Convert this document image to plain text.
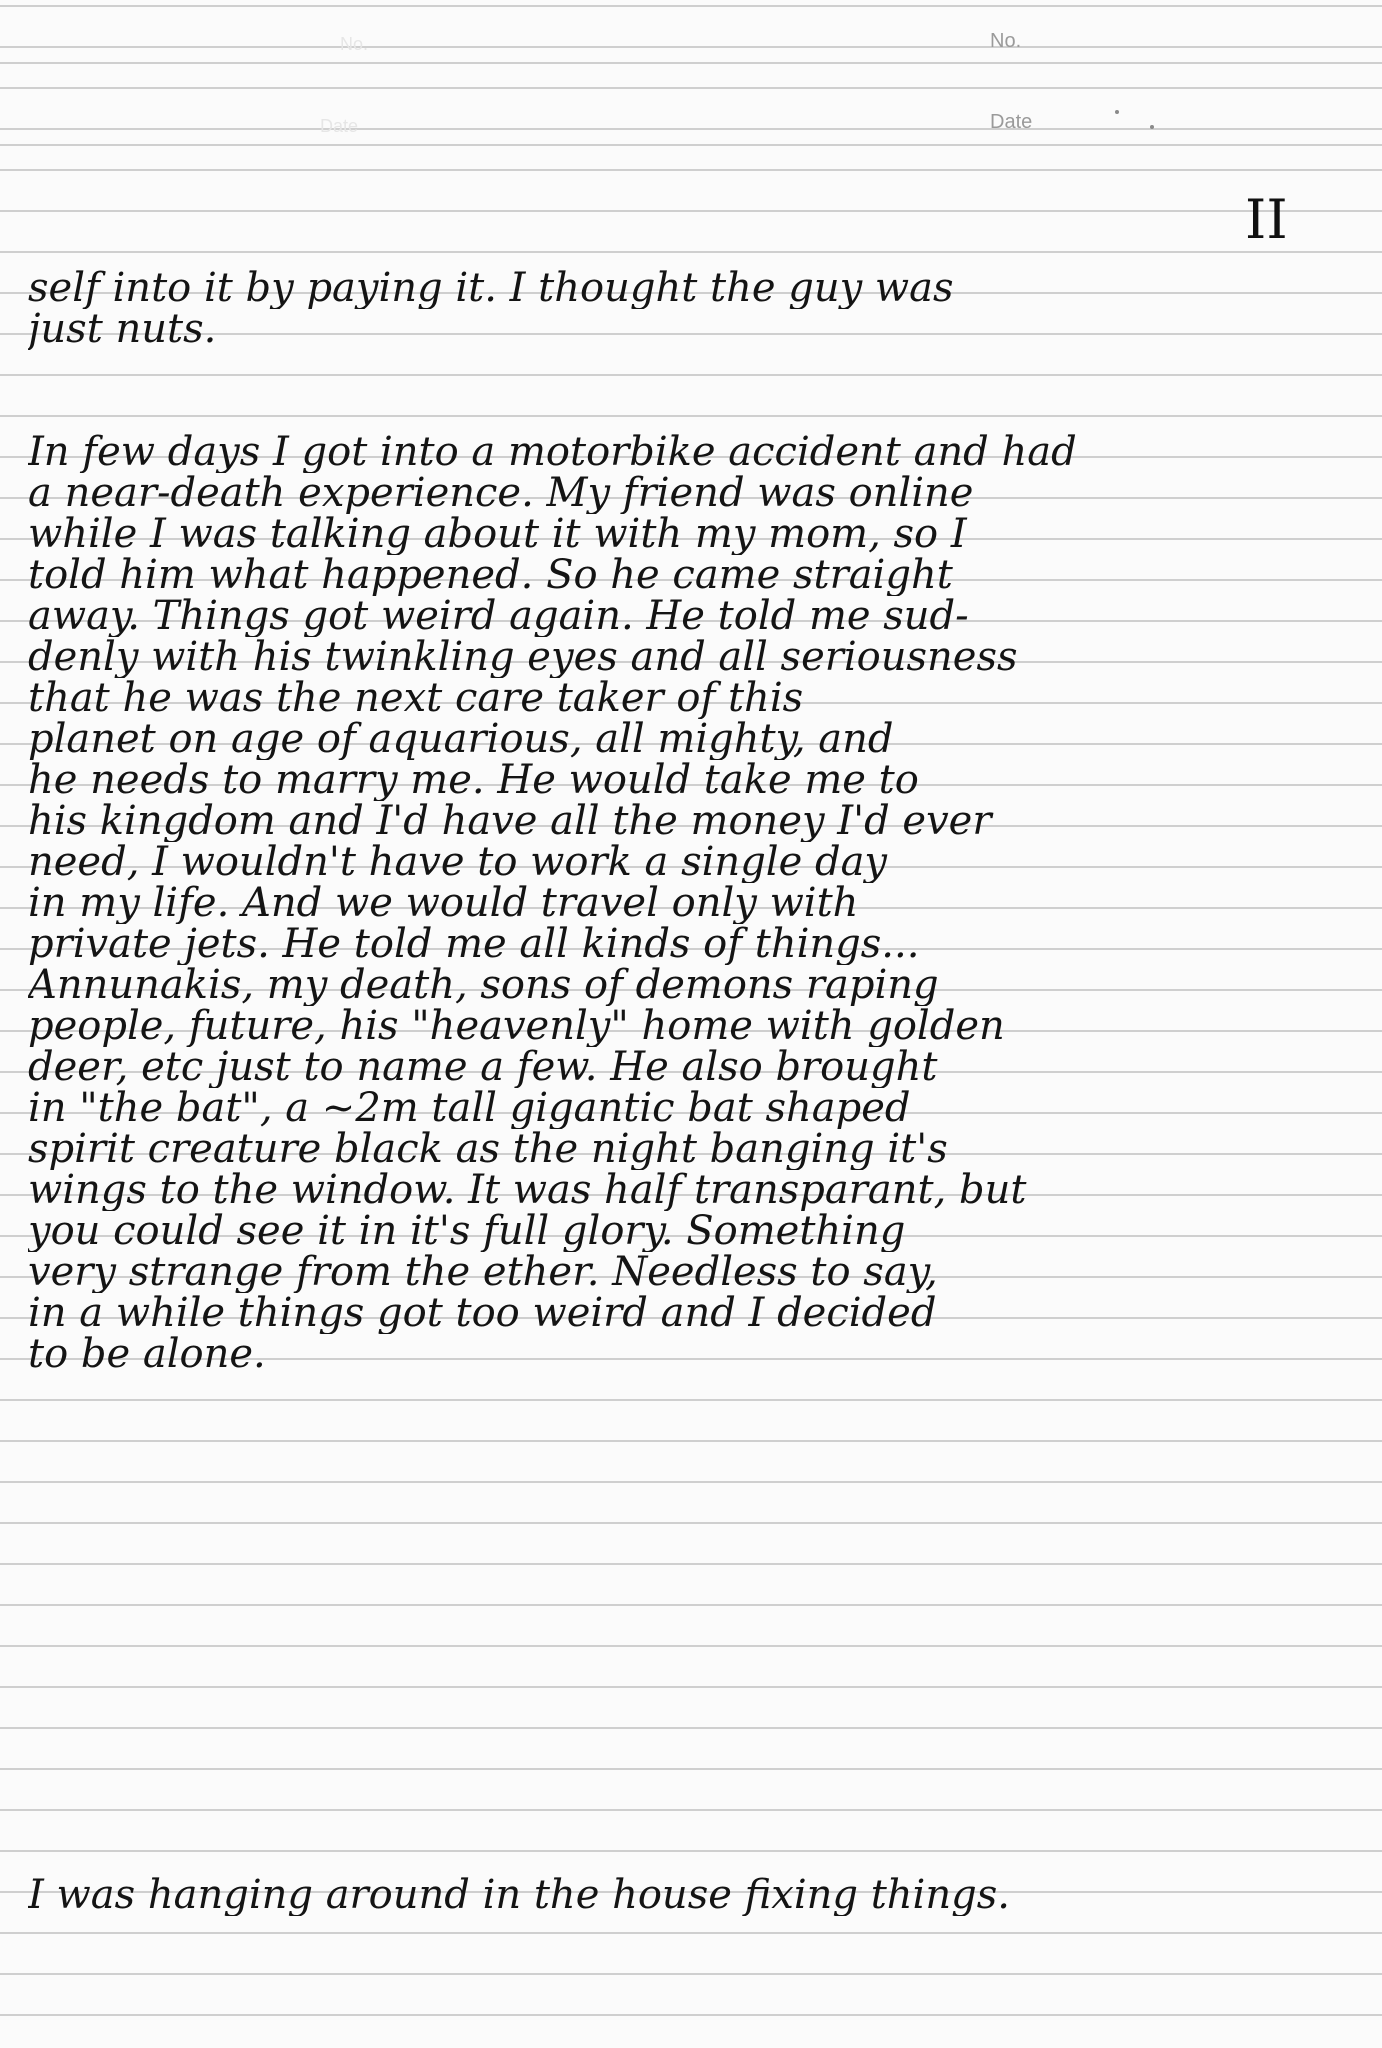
No.
Date
No.
Date
II
self into it by paying it. I thought the guy was
just nuts.
In few days I got into a motorbike accident and had
a near-death experience. My friend was online
while I was talking about it with my mom, so I
told him what happened. So he came straight
away. Things got weird again. He told me sud-
denly with his twinkling eyes and all seriousness
that he was the next care taker of this
planet on age of aquarious, all mighty, and
he needs to marry me. He would take me to
his kingdom and I'd have all the money I'd ever
need, I wouldn't have to work a single day
in my life. And we would travel only with
private jets. He told me all kinds of things...
Annunakis, my death, sons of demons raping
people, future, his "heavenly" home with golden
deer, etc just to name a few. He also brought
in "the bat", a ~2m tall gigantic bat shaped
spirit creature black as the night banging it's
wings to the window. It was half transparant, but
you could see it in it's full glory. Something
very strange from the ether. Needless to say,
in a while things got too weird and I decided
to be alone.
I was hanging around in the house fixing things.
